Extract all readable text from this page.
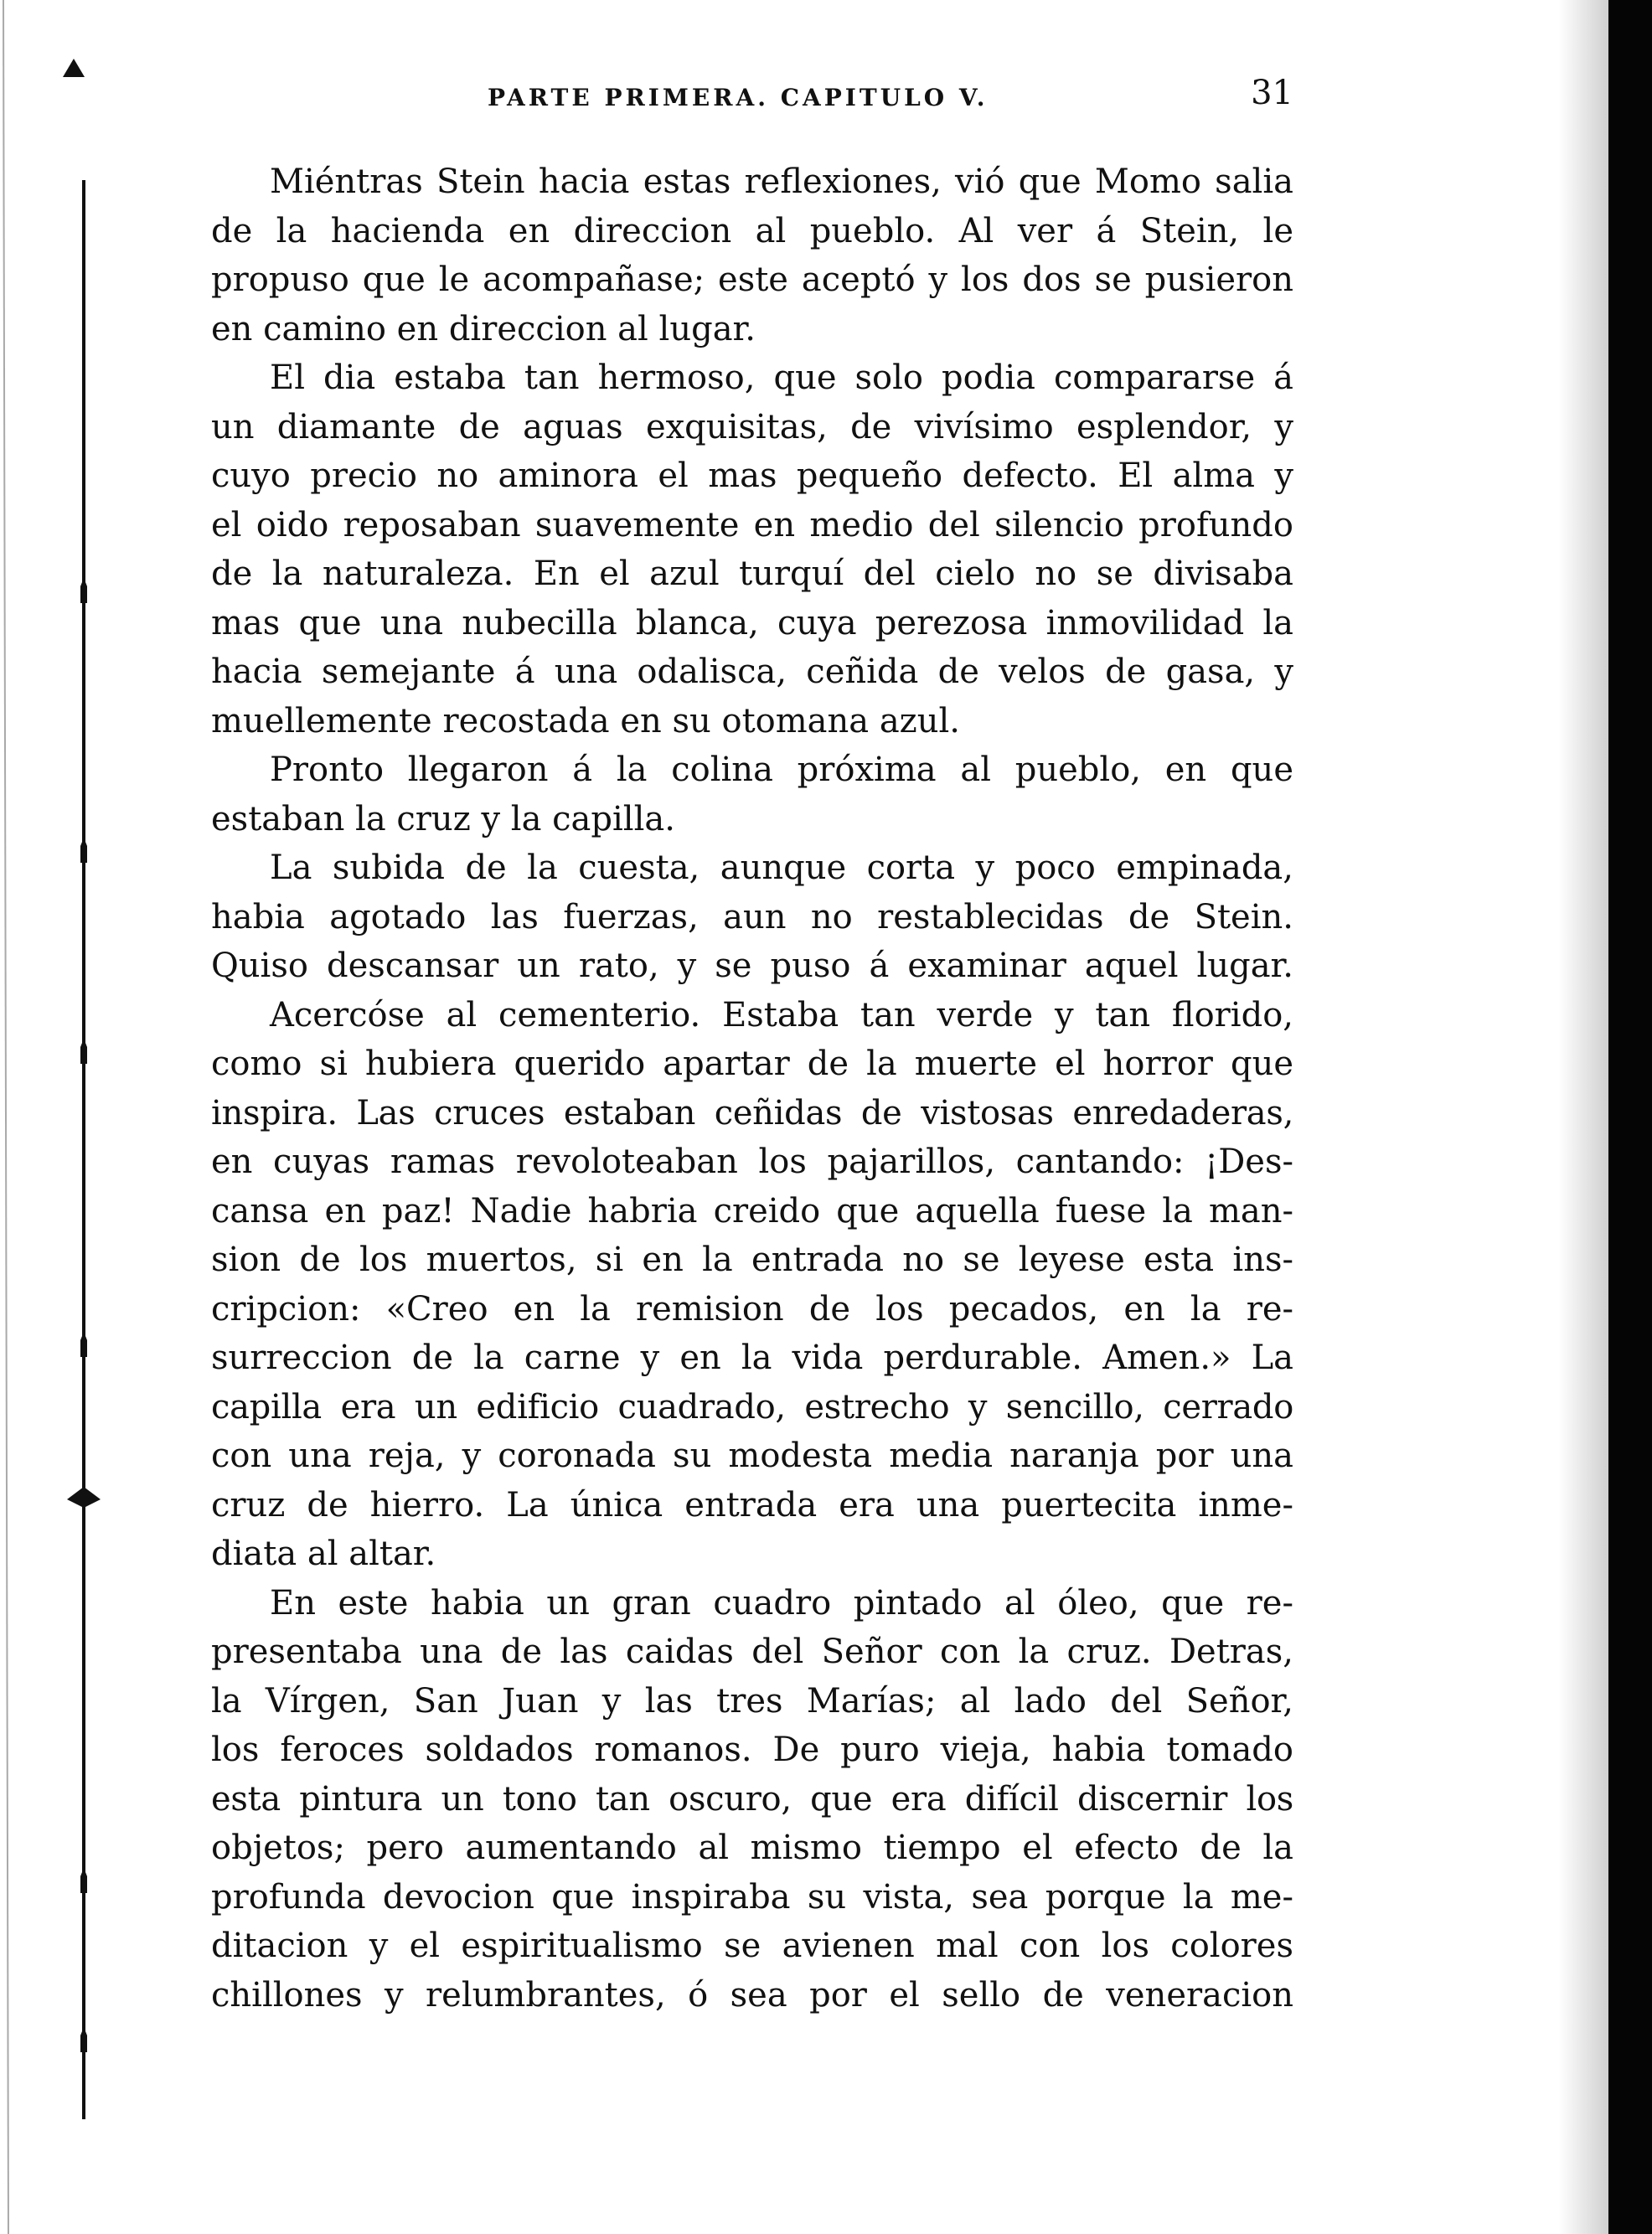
PARTE PRIMERA. CAPITULO V.	31
Miéntras Stein hacia estas reflexiones, vió que Momo salia
de la hacienda en direccion al pueblo. Al ver á Stein, le
propuso que le acompañase; este aceptó y los dos se pusieron
en camino en direccion al lugar.
El dia estaba tan hermoso, que solo podia compararse á
un diamante de aguas exquisitas, de vivísimo esplendor, y
cuyo precio no aminora el mas pequeño defecto. El alma y
el oido reposaban suavemente en medio del silencio profundo
de la naturaleza. En el azul turquí del cielo no se divisaba
mas que una nubecilla blanca, cuya perezosa inmovilidad la
hacia semejante á una odalisca, ceñida de velos de gasa, y
muellemente recostada en su otomana azul.
Pronto llegaron á la colina próxima al pueblo, en que
estaban la cruz y la capilla.
La subida de la cuesta, aunque corta y poco empinada,
habia agotado las fuerzas, aun no restablecidas de Stein.
Quiso descansar un rato, y se puso á examinar aquel lugar.
Acercóse al cementerio. Estaba tan verde y tan florido,
como si hubiera querido apartar de la muerte el horror que
inspira. Las cruces estaban ceñidas de vistosas enredaderas,
en cuyas ramas revoloteaban los pajarillos, cantando: ¡Des-
cansa en paz! Nadie habria creido que aquella fuese la man-
sion de los muertos, si en la entrada no se leyese esta ins-
cripcion: «Creo en la remision de los pecados, en la re-
surreccion de la carne y en la vida perdurable. Amen.» La
capilla era un edificio cuadrado, estrecho y sencillo, cerrado
con una reja, y coronada su modesta media naranja por una
cruz de hierro. La única entrada era una puertecita inme-
diata al altar.
En este habia un gran cuadro pintado al óleo, que re-
presentaba una de las caidas del Señor con la cruz. Detras,
la Vírgen, San Juan y las tres Marías; al lado del Señor,
los feroces soldados romanos. De puro vieja, habia tomado
esta pintura un tono tan oscuro, que era difícil discernir los
objetos; pero aumentando al mismo tiempo el efecto de la
profunda devocion que inspiraba su vista, sea porque la me-
ditacion y el espiritualismo se avienen mal con los colores
chillones y relumbrantes, ó sea por el sello de veneracion
